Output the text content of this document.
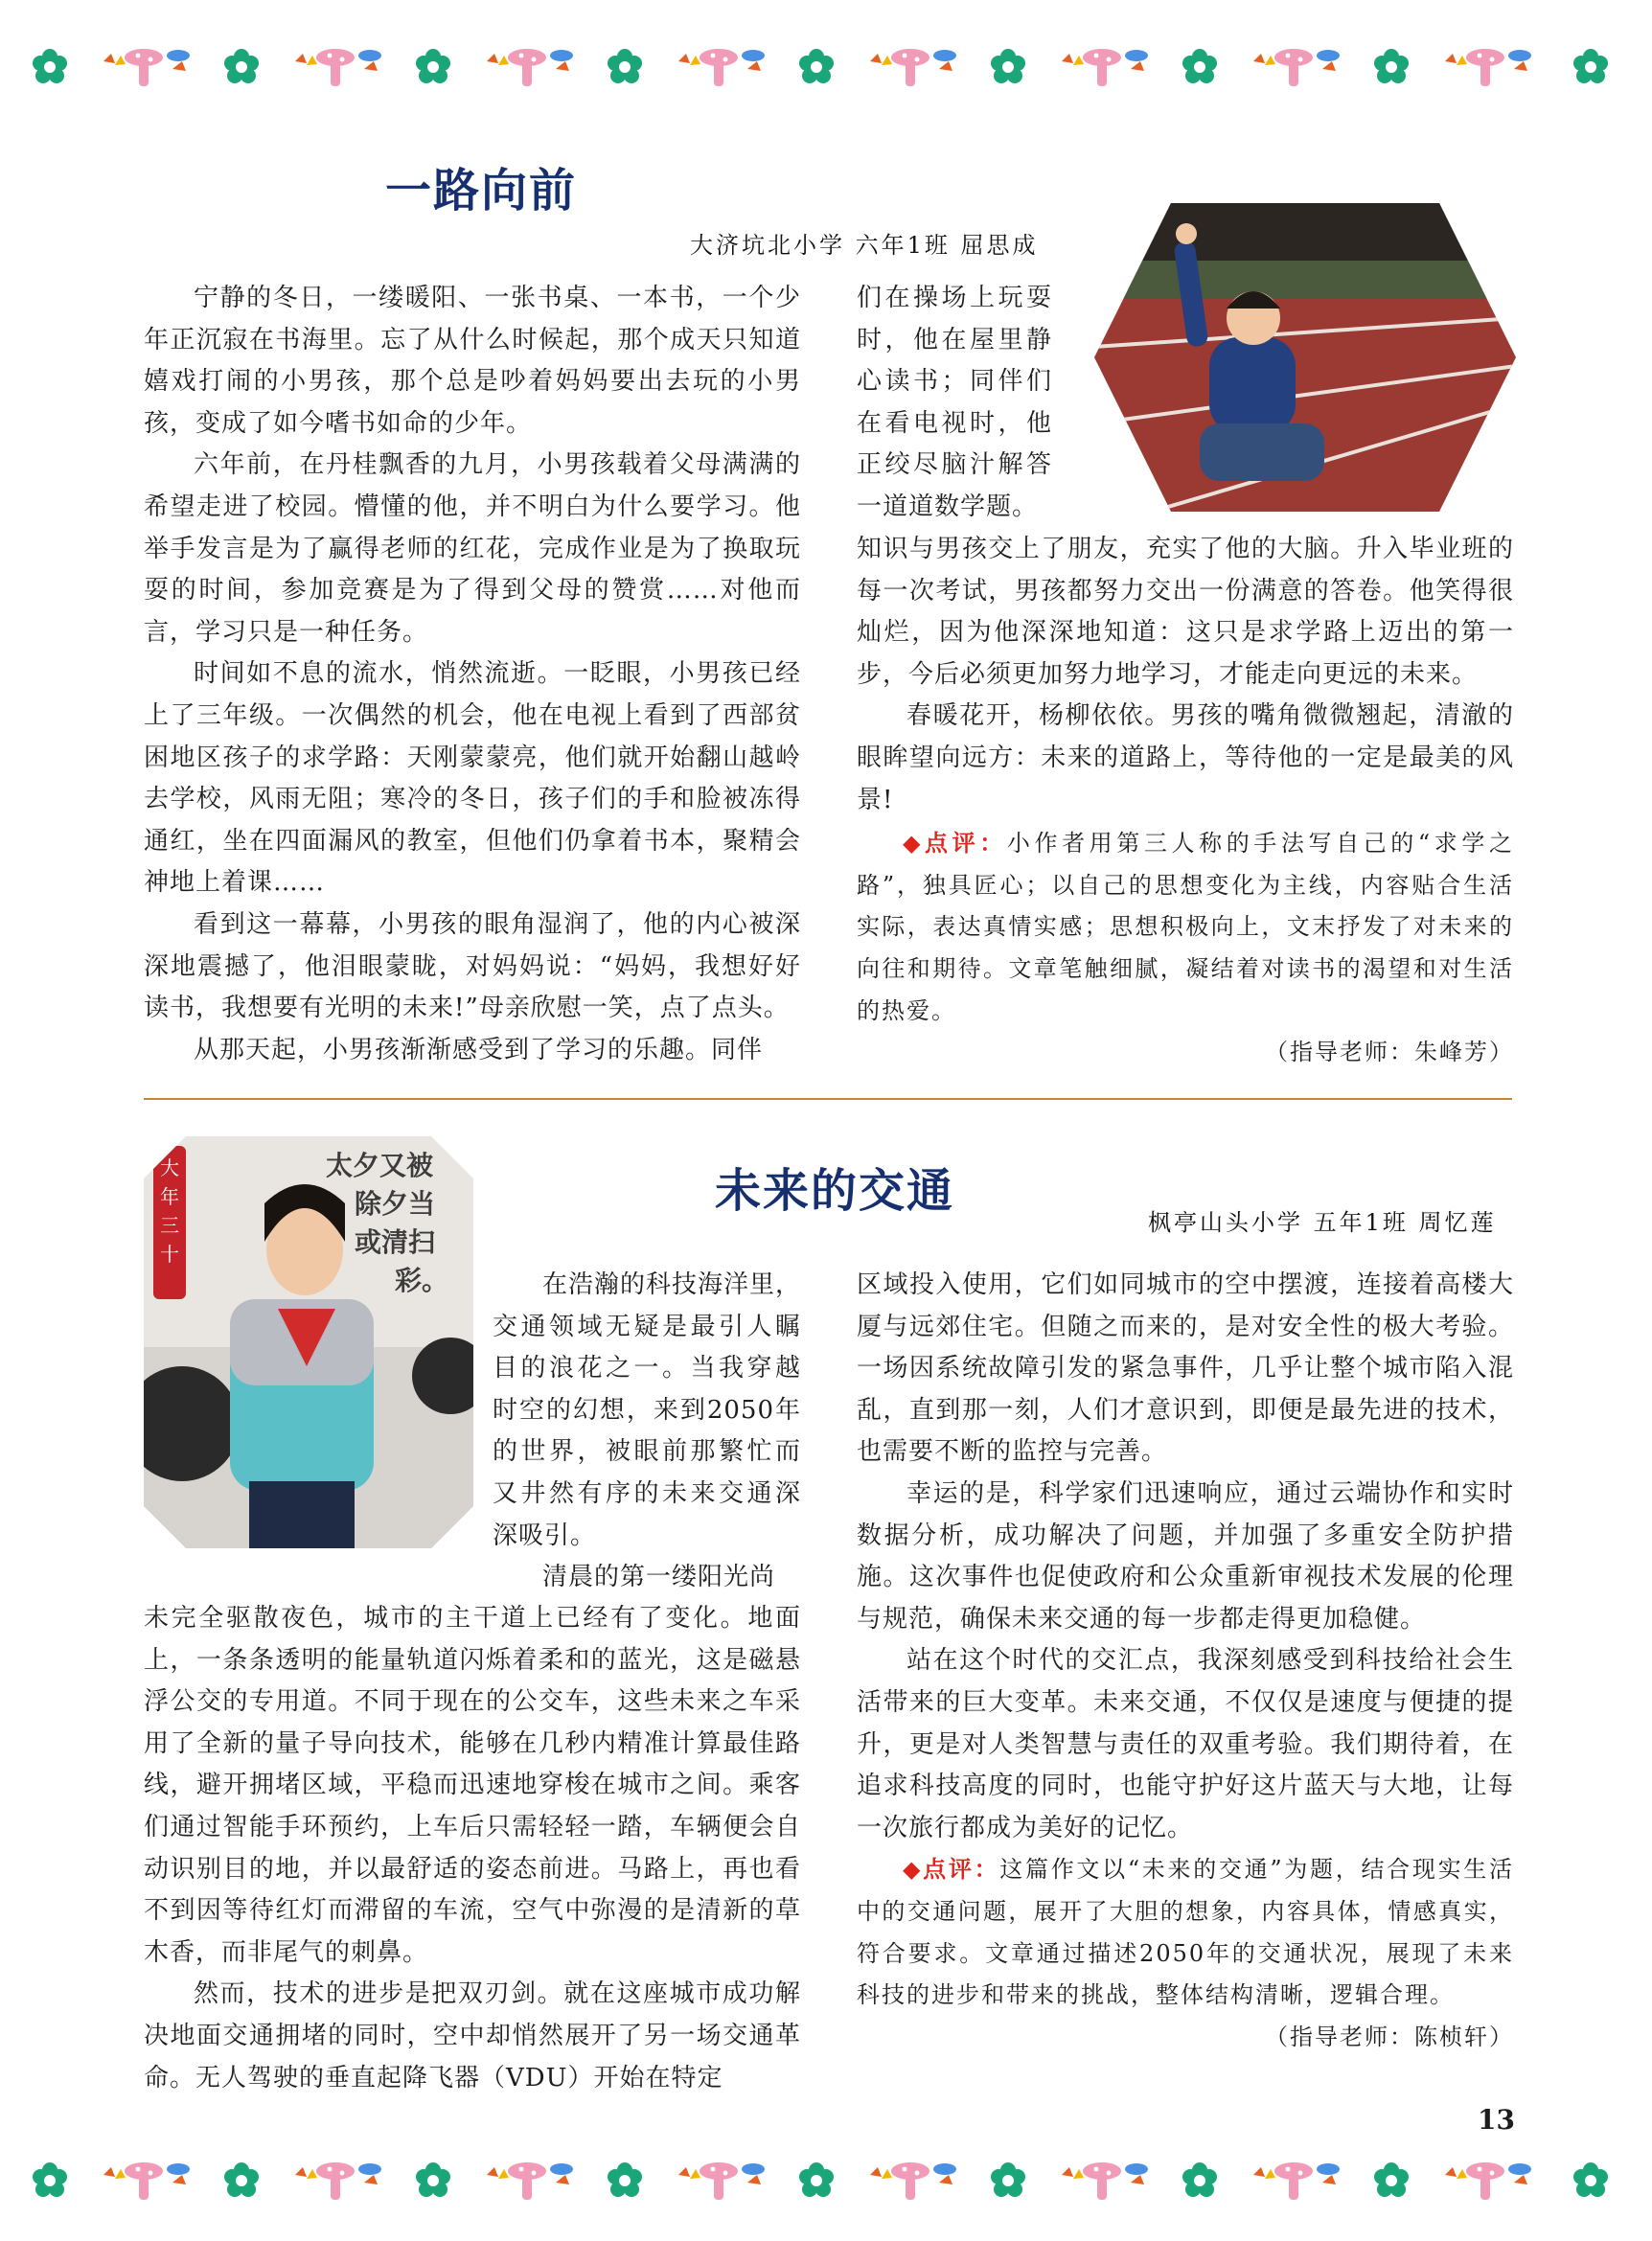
一路向前
大济坑北小学 六年1班 屈思成

宁静的冬日，一缕暖阳、一张书桌、一本书，一个少年正沉寂在书海里。忘了从什么时候起，那个成天只知道嬉戏打闹的小男孩，那个总是吵着妈妈要出去玩的小男孩，变成了如今嗜书如命的少年。

六年前，在丹桂飘香的九月，小男孩载着父母满满的希望走进了校园。懵懂的他，并不明白为什么要学习。他举手发言是为了赢得老师的红花，完成作业是为了换取玩耍的时间，参加竞赛是为了得到父母的赞赏……对他而言，学习只是一种任务。

时间如不息的流水，悄然流逝。一眨眼，小男孩已经上了三年级。一次偶然的机会，他在电视上看到了西部贫困地区孩子的求学路：天刚蒙蒙亮，他们就开始翻山越岭去学校，风雨无阻；寒冷的冬日，孩子们的手和脸被冻得通红，坐在四面漏风的教室，但他们仍拿着书本，聚精会神地上着课……

看到这一幕幕，小男孩的眼角湿润了，他的内心被深深地震撼了，他泪眼蒙眬，对妈妈说：“妈妈，我想好好读书，我想要有光明的未来!”母亲欣慰一笑，点了点头。

从那天起，小男孩渐渐感受到了学习的乐趣。同伴

们在操场上玩耍时，他在屋里静心读书；同伴们在看电视时，他正绞尽脑汁解答一道道数学题。

知识与男孩交上了朋友，充实了他的大脑。升入毕业班的每一次考试，男孩都努力交出一份满意的答卷。他笑得很灿烂，因为他深深地知道：这只是求学路上迈出的第一步，今后必须更加努力地学习，才能走向更远的未来。

春暖花开，杨柳依依。男孩的嘴角微微翘起，清澈的眼眸望向远方：未来的道路上，等待他的一定是最美的风景!

◆点评：小作者用第三人称的手法写自己的“求学之路”，独具匠心；以自己的思想变化为主线，内容贴合生活实际，表达真情实感；思想积极向上，文末抒发了对未来的向往和期待。文章笔触细腻，凝结着对读书的渴望和对生活的热爱。

（指导老师：朱峰芳）

大
年
三
十
太夕又被
除夕当
或清扫
彩。
未来的交通
枫亭山头小学 五年1班 周忆莲

在浩瀚的科技海洋里，交通领域无疑是最引人瞩目的浪花之一。当我穿越时空的幻想，来到2050年的世界，被眼前那繁忙而又井然有序的未来交通深深吸引。

清晨的第一缕阳光尚

未完全驱散夜色，城市的主干道上已经有了变化。地面上，一条条透明的能量轨道闪烁着柔和的蓝光，这是磁悬浮公交的专用道。不同于现在的公交车，这些未来之车采用了全新的量子导向技术，能够在几秒内精准计算最佳路线，避开拥堵区域，平稳而迅速地穿梭在城市之间。乘客们通过智能手环预约，上车后只需轻轻一踏，车辆便会自动识别目的地，并以最舒适的姿态前进。马路上，再也看不到因等待红灯而滞留的车流，空气中弥漫的是清新的草木香，而非尾气的刺鼻。

然而，技术的进步是把双刃剑。就在这座城市成功解决地面交通拥堵的同时，空中却悄然展开了另一场交通革命。无人驾驶的垂直起降飞器（VDU）开始在特定

区域投入使用，它们如同城市的空中摆渡，连接着高楼大厦与远郊住宅。但随之而来的，是对安全性的极大考验。一场因系统故障引发的紧急事件，几乎让整个城市陷入混乱，直到那一刻，人们才意识到，即便是最先进的技术，也需要不断的监控与完善。

幸运的是，科学家们迅速响应，通过云端协作和实时数据分析，成功解决了问题，并加强了多重安全防护措施。这次事件也促使政府和公众重新审视技术发展的伦理与规范，确保未来交通的每一步都走得更加稳健。

站在这个时代的交汇点，我深刻感受到科技给社会生活带来的巨大变革。未来交通，不仅仅是速度与便捷的提升，更是对人类智慧与责任的双重考验。我们期待着，在追求科技高度的同时，也能守护好这片蓝天与大地，让每一次旅行都成为美好的记忆。

◆点评：这篇作文以“未来的交通”为题，结合现实生活中的交通问题，展开了大胆的想象，内容具体，情感真实，符合要求。文章通过描述2050年的交通状况，展现了未来科技的进步和带来的挑战，整体结构清晰，逻辑合理。

（指导老师：陈桢轩）

13
